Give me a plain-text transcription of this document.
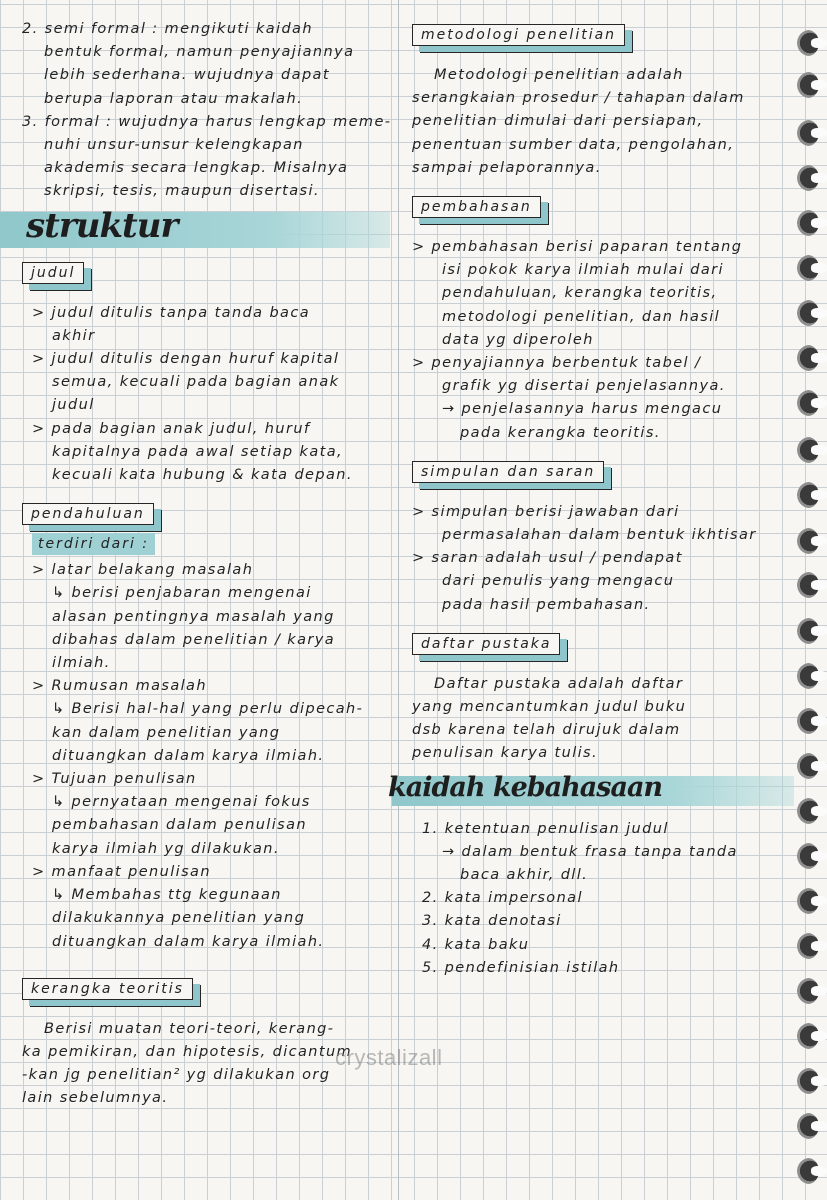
2. semi formal : mengikuti kaidah
bentuk formal, namun penyajiannya
lebih sederhana. wujudnya dapat
berupa laporan atau makalah.
3. formal : wujudnya harus lengkap meme-
nuhi unsur-unsur kelengkapan
akademis secara lengkap. Misalnya
skripsi, tesis, maupun disertasi.
struktur
judul
> judul ditulis tanpa tanda baca
akhir
> judul ditulis dengan huruf kapital
semua, kecuali pada bagian anak
judul
> pada bagian anak judul, huruf
kapitalnya pada awal setiap kata,
kecuali kata hubung & kata depan.
pendahuluan
terdiri dari :
> latar belakang masalah
↳ berisi penjabaran mengenai
alasan pentingnya masalah yang
dibahas dalam penelitian / karya
ilmiah.
> Rumusan masalah
↳ Berisi hal-hal yang perlu dipecah-
kan dalam penelitian yang
dituangkan dalam karya ilmiah.
> Tujuan penulisan
↳ pernyataan mengenai fokus
pembahasan dalam penulisan
karya ilmiah yg dilakukan.
> manfaat penulisan
↳ Membahas ttg kegunaan
dilakukannya penelitian yang
dituangkan dalam karya ilmiah.
kerangka teoritis
Berisi muatan teori-teori, kerang-
ka pemikiran, dan hipotesis, dicantum
-kan jg penelitian² yg dilakukan org
lain sebelumnya.
metodologi penelitian
Metodologi penelitian adalah
serangkaian prosedur / tahapan dalam
penelitian dimulai dari persiapan,
penentuan sumber data, pengolahan,
sampai pelaporannya.
pembahasan
> pembahasan berisi paparan tentang
isi pokok karya ilmiah mulai dari
pendahuluan, kerangka teoritis,
metodologi penelitian, dan hasil
data yg diperoleh
> penyajiannya berbentuk tabel /
grafik yg disertai penjelasannya.
→ penjelasannya harus mengacu
pada kerangka teoritis.
simpulan dan saran
> simpulan berisi jawaban dari
permasalahan dalam bentuk ikhtisar
> saran adalah usul / pendapat
dari penulis yang mengacu
pada hasil pembahasan.
daftar pustaka
Daftar pustaka adalah daftar
yang mencantumkan judul buku
dsb karena telah dirujuk dalam
penulisan karya tulis.
kaidah kebahasaan
1. ketentuan penulisan judul
→ dalam bentuk frasa tanpa tanda
baca akhir, dll.
2. kata impersonal
3. kata denotasi
4. kata baku
5. pendefinisian istilah
crystalizall
